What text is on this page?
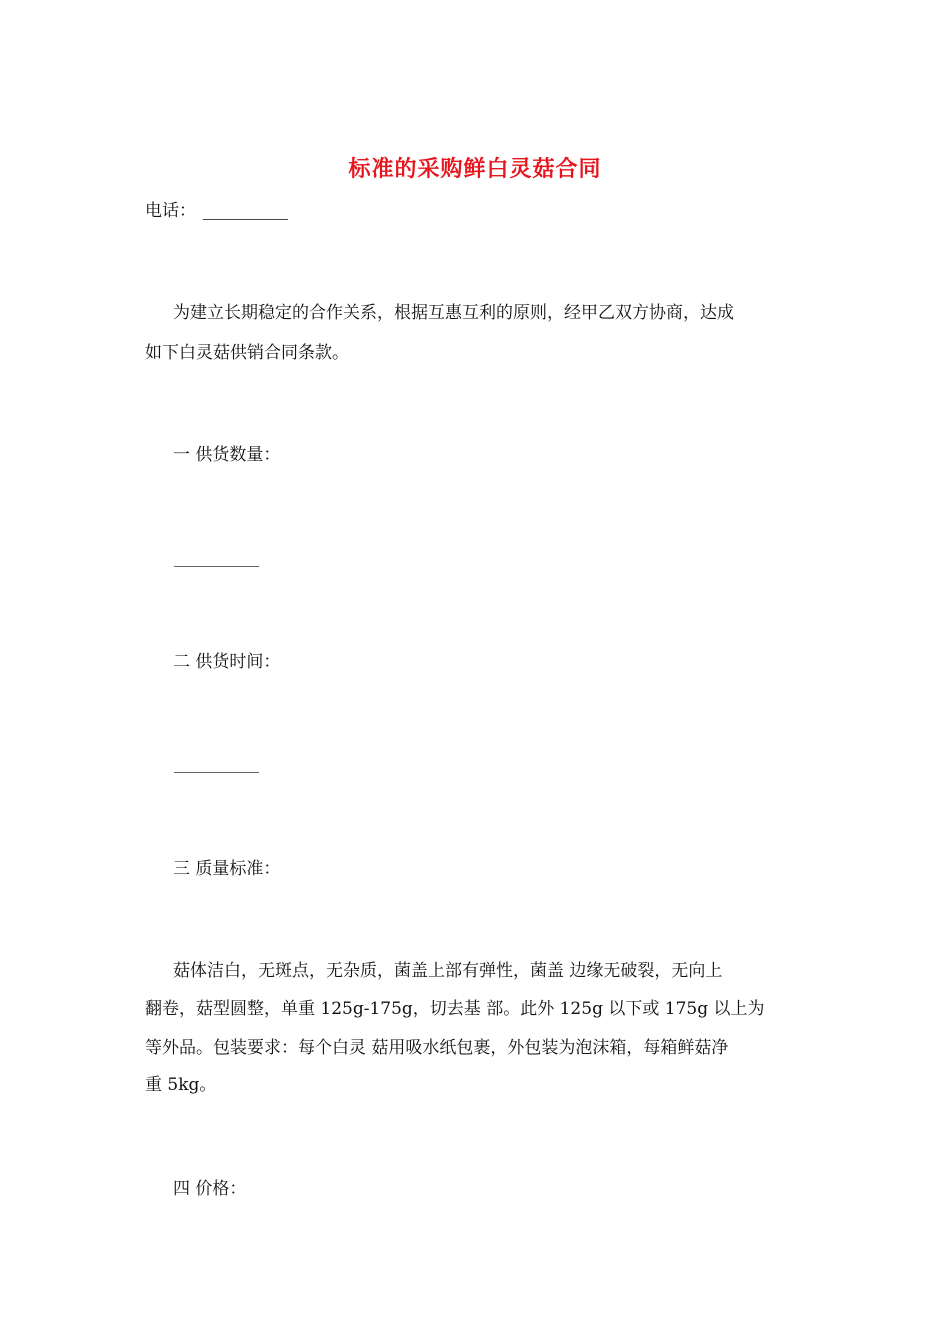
标准的采购鲜白灵菇合同
电话：
为建立长期稳定的合作关系，根据互惠互利的原则，经甲乙双方协商，达成
如下白灵菇供销合同条款。
一 供货数量：
二 供货时间：
三 质量标准：
菇体洁白，无斑点，无杂质，菌盖上部有弹性，菌盖 边缘无破裂，无向上
翻卷，菇型圆整，单重 125g-175g，切去基 部。此外 125g 以下或 175g 以上为
等外品。包装要求：每个白灵 菇用吸水纸包裹，外包装为泡沫箱，每箱鲜菇净
重 5kg。
四 价格：
